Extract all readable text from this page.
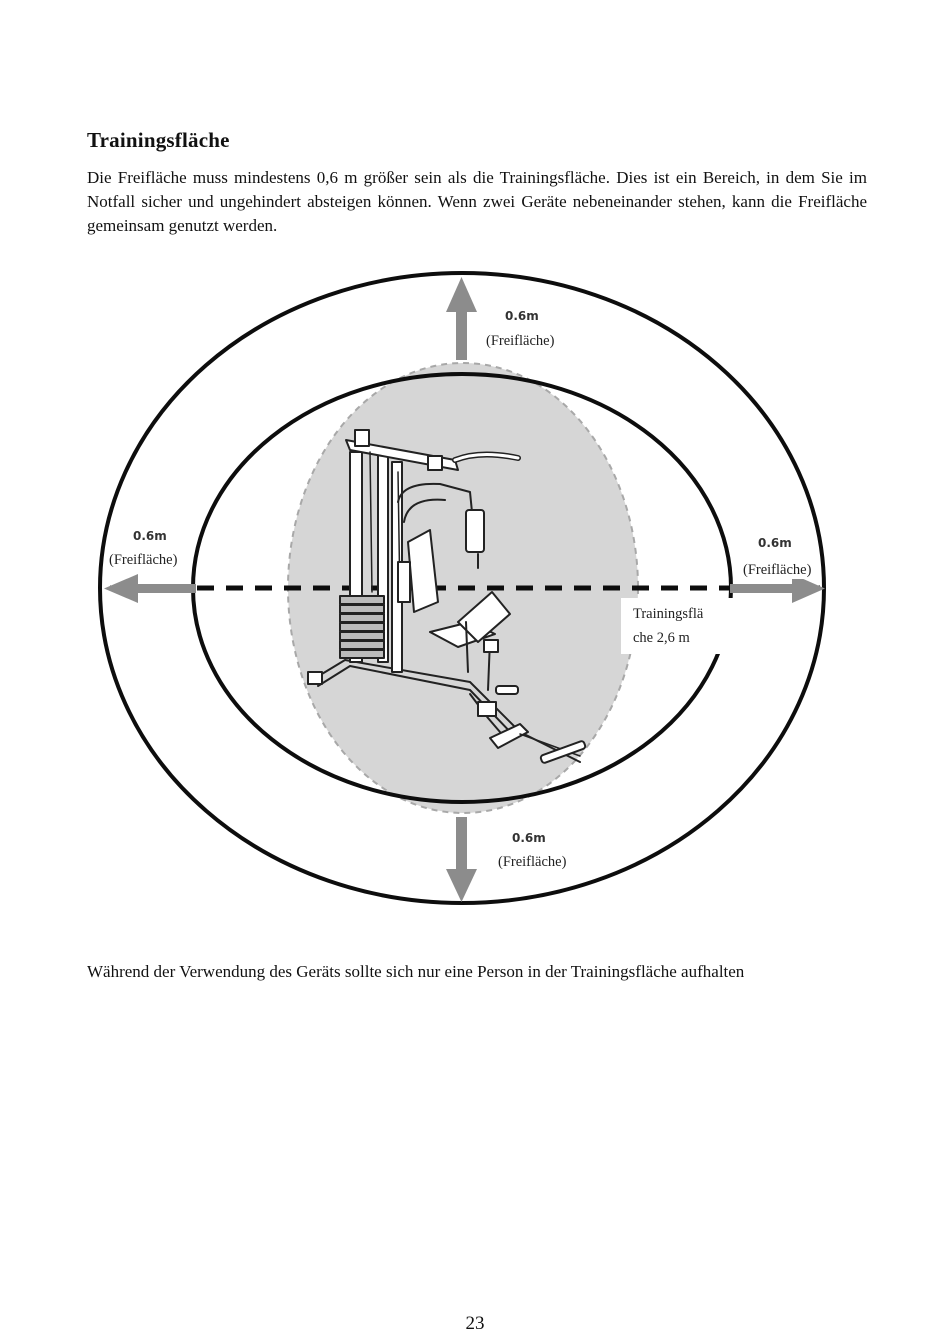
Trainingsfläche

Die Freifläche muss mindestens 0,6 m größer sein als die Trainingsfläche. Dies ist ein Bereich, in dem Sie im Notfall sicher und ungehindert absteigen können. Wenn zwei Geräte nebeneinander stehen, kann die Freifläche gemeinsam genutzt werden.

0.6m
(Freifläche)
0.6m
(Freifläche)
0.6m
(Freifläche)
0.6m
(Freifläche)
Trainingsflä
che 2,6 m

Während der Verwendung des Geräts sollte sich nur eine Person in der Trainingsfläche aufhalten

23
